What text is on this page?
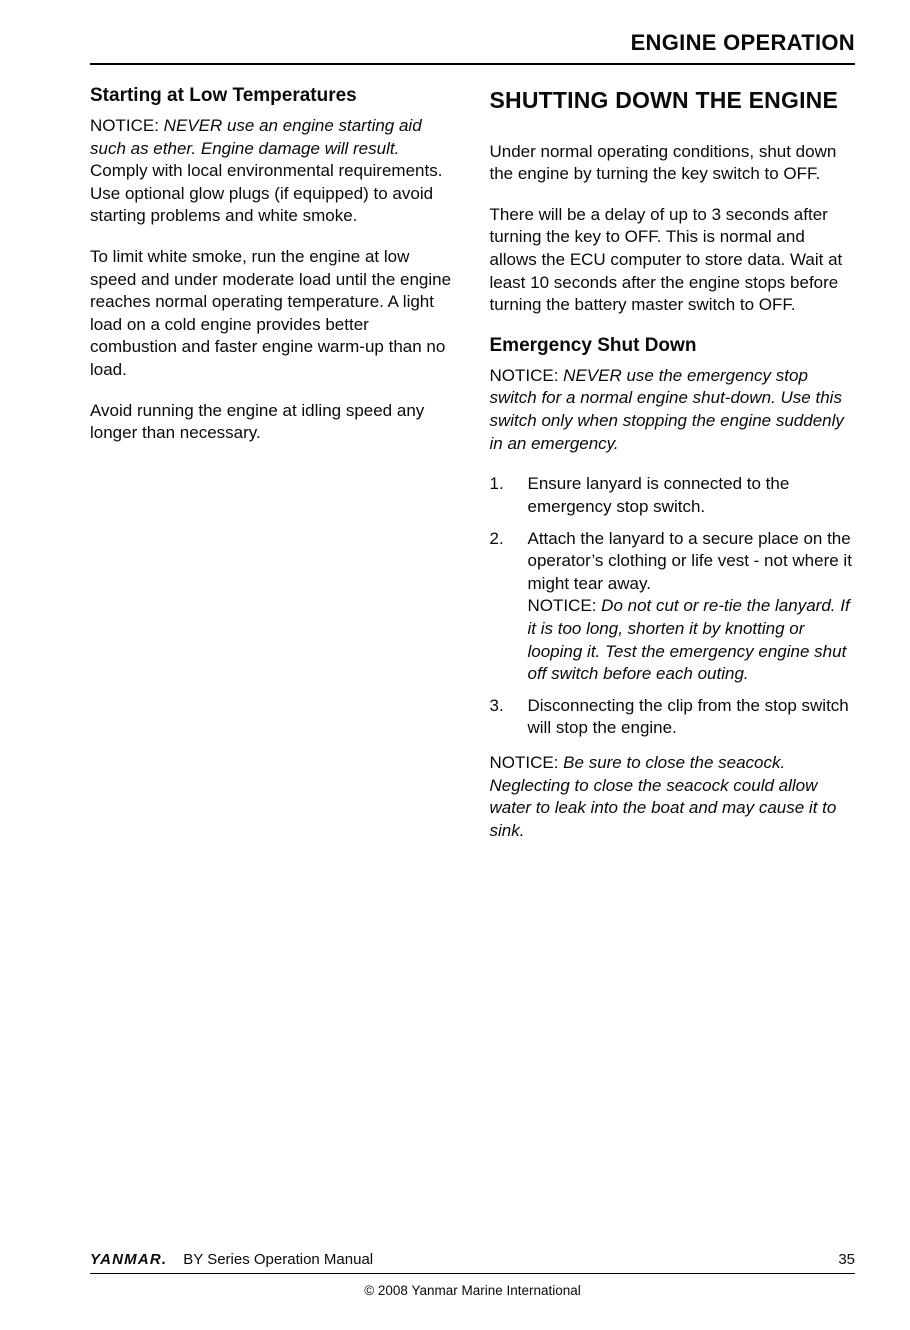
ENGINE OPERATION
Starting at Low Temperatures

NOTICE: NEVER use an engine starting aid such as ether. Engine damage will result. Comply with local environmental requirements. Use optional glow plugs (if equipped) to avoid starting problems and white smoke.

To limit white smoke, run the engine at low speed and under moderate load until the engine reaches normal operating temperature. A light load on a cold engine provides better combustion and faster engine warm-up than no load.

Avoid running the engine at idling speed any longer than necessary.

SHUTTING DOWN THE ENGINE

Under normal operating conditions, shut down the engine by turning the key switch to OFF.

There will be a delay of up to 3 seconds after turning the key to OFF. This is normal and allows the ECU computer to store data. Wait at least 10 seconds after the engine stops before turning the battery master switch to OFF.

Emergency Shut Down

NOTICE: NEVER use the emergency stop switch for a normal engine shut-down. Use this switch only when stopping the engine suddenly in an emergency.

1.	Ensure lanyard is connected to the emergency stop switch.
2.	Attach the lanyard to a secure place on the operator’s clothing or life vest - not where it might tear away.
NOTICE: Do not cut or re-tie the lanyard. If it is too long, shorten it by knotting or looping it. Test the emergency engine shut off switch before each outing.
3.	Disconnecting the clip from the stop switch will stop the engine.

NOTICE: Be sure to close the seacock. Neglecting to close the seacock could allow water to leak into the boat and may cause it to sink.

YANMAR. BY Series Operation Manual	35
© 2008 Yanmar Marine International
